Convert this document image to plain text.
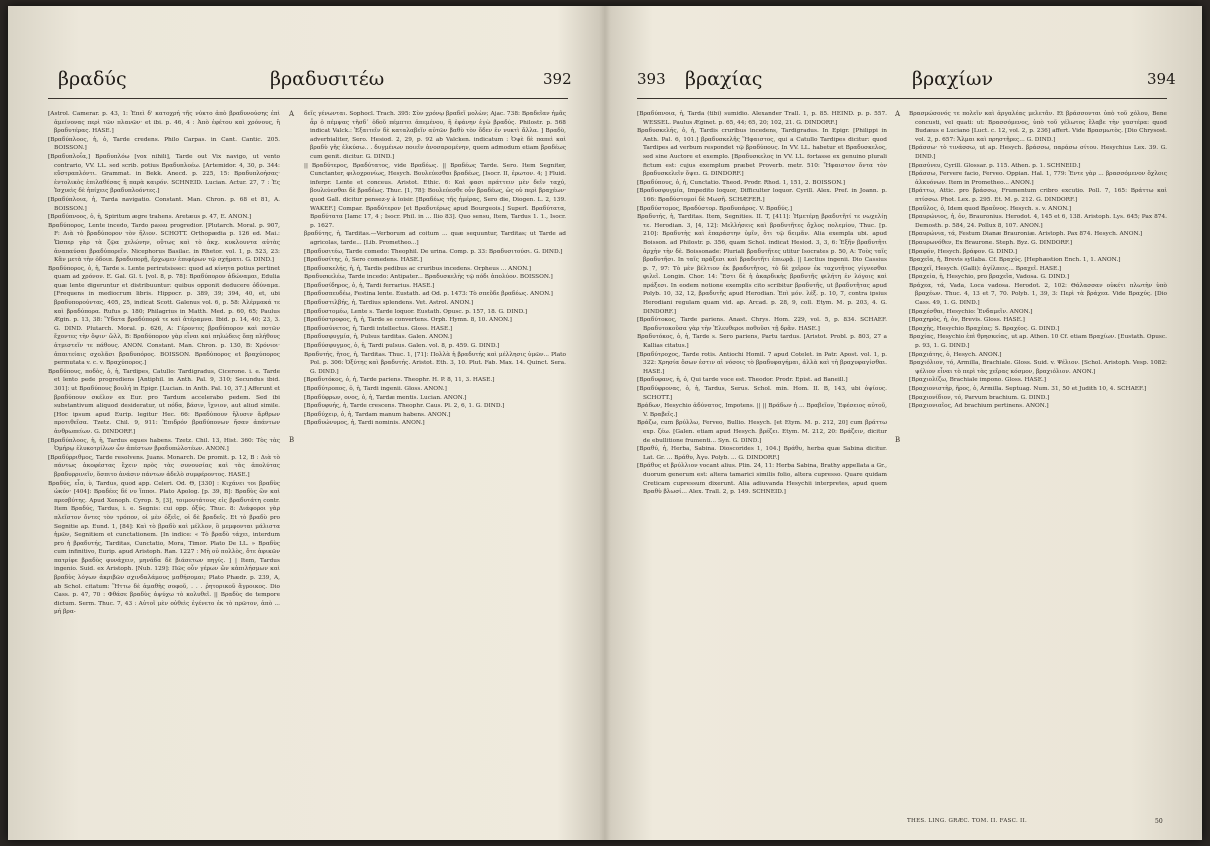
βραδύς	βραδυσιτέω	392

[Astrol. Camerar. p. 43, 1: Ἐπεὶ δ' κατοχρή τῆς νύκτο ἀπὸ βραδυνούσης ἐπὶ ἀμείνονας περὶ τῶν πλανῶν· et ibi. p. 46, 4 : Ἀπὸ ἐφέτου καὶ χρόνους, ἢ βραδυτέρας. HASE.]

[Βραδύπλοος, ἡ, ὁ, Tarde credens. Philo Carpas. in Cant. Cantic. 205. BOISSON.]

[Βραδυπλοΐα,] Βραδυπλόω [vox nihili], Tarde out Vix navigo, ut vento contrario, VV. LL. sed scrib. potius Βραδυπλοέω. [Artemidor. 4, 30, p. 344: εὔστραπλόντι. Grammat. in Bekk. Anecd. p. 225, 15: Βραδυπλοήσας· ἐντολικὸς ἐπιλαθέσας ἢ παρὰ καιρόν. SCHNEID. Lucian. Actur. 27, 7 : Ἐς Ἰσχυεὶς δὲ ἠπίχεις βραδυπλοόντες.]

[Βραδύπλοια, ἡ, Tarda navigatio. Constant. Man. Chron. p. 68 et 81, A. BOISSON.]

[Βραδύπνοος, ὁ, ἡ, Spiritum ægre trahens. Aretæus p. 47, E. ANON.]

Βραδύπορος, Lente incedo, Tardo passu progredior. [Plutarch. Moral. p. 907, F: Διὰ τὸ βραδύπορον τὸν ἥλιον. SCHOTT. Orthopædia p. 126 ed. Mai.: Ὥσπερ γὰρ τὰ ζῷα χελώνην, οὕτως καὶ τὸ ἀκχ. κυκλουντα αὐτὰς ἀναπαύσαι βραδύπορεῖν. Nicephorus Basilac. in Rhetor. vol. 1, p. 523, 23: Κἂν μετὰ τὴν ὁδοιπ. βραδυπορῇ, ἔρχωμεν ἐπιφέρων τῷ σχήματι. G. DIND.]

Βραδύπορος, ὁ, ἡ, Tarde s. Lente perirutsissec: quod ad κίνητα potius pertinet quam ad χρόνον. E. Gal. Gl. t. [vol. 8, p. 78]: Βραδύπορον ἀδώναμαι, Edulia quæ lente digeruntur et distribuuntur: quibus opponit deducere ὀδύναμα. [Frequens in mediocrum libris. Hippocr. p. 389, 39; 394, 40, et, ubi βραδυπορούντας, 405, 25, indicat Scott. Galenus vol. 6, p. 58: Ἀλέρμακά τε καὶ βραδύπορα. Rufus p. 180; Philagrius in Matth. Med. p. 60, 65; Paulus Ægin. p. 13, 38: Ὕδατα βραδύπορά τε καὶ ἀτέραμνα. Ibid. p. 14, 40; 23, 3. G. DIND. Plutarch. Moral. p. 626, A: Γέροντες βραδύπορον καὶ ποτῶν ἔχοντες τὴν ὄψιν· ὥλλ, B: Βραδύπορον γὰρ εἶναι καὶ πηλώδεις ὄπῃ πλήθους ἀτμιστεῖν τε πάθους. ANON. Constant. Man. Chron. p. 130, B: Χρόνιοι· ἀπαιτείαις σχολᾶσι βραδυπόρος. BOISSON. Βραδύπορος et βραχύπορος permutata v. c. v. Βραχύπορος.]

Βραδύπους, ποδὸς, ὁ, ἡ, Tardipes, Catullo: Tardigradus, Cicerone. i. e. Tarde et lento pede progrediens [Antiphil. in Anth. Pal. 9, 310; Secundus ibid. 301]: ut Βραδύπους βουλή in Epigr. [Lucian. in Anth. Pal. 10, 37.] Afferunt et βραδύπουν σκέλον ex Eur. pro Tardum accelerabo pedem. Sed ibi substantivum aliquod desideratur, ut πόδα, βάσιν, ἴχνιον, aut aliud simile. [Hoc ipsum apud Eurip. legitur Hec. 66: Βραδύπουν ἤλυσιν ἄρθρων προτιθεῖσα. Tzetz. Chil. 9, 911: Ἐπιδρόν βραδύπονων ἤσαν ἀπάντων ἀνθρωπείων. G. DINDORF.]

[Βραδύπλοος, ἡ, ἡ, Tardus eques habens. Tzetz. Chil. 13, Hist. 360: Τὸς τὰς Ὁμήρῳ ἐλυκοτρίλων ὧν ἀπέστων βραδυπώλοτέων. ANON.]

[Βραδύρριθμος, Tarde resolvens. Juans. Monarch. De promit. p. 12, B : Διὰ τὸ πάντως ἀκοφέστας ἔχειν πρὸς τὰς συνουσίας καὶ τὰς ἀπολύτας βραδυρρινεῖν, ὅσπιτο ἀνάσιν πάντων ἀδελὸ συμφέροντος. HASE.]

Βραδύς, εἶα, ὺ, Tardus, quod app. Celeri. Od. Θ, [330] : Κιχάνει τοι βραδὺς ὠκύν· [404]: Βραδέες δέ νυ ἴπποι. Plato Apolog. [p. 39, B]: Βραδὺς ὢν καὶ πρεσβύτης. Apud Xenoph. Cyrop. 5, [3], τοιμουτάτους εἰς βραδυτάτη contr. Item Βραδύς, Tardus, i. e. Segnis: cui opp. ὀξύς. Thuc. 8: Διάφοροι γὰρ πλεῖστον ὄντες τὸν τρόπον, οἱ μὲν ὀξεῖς, οἱ δὲ βραδεῖς. Et τὸ βραδὺ pro Segnitie ap. Eund. 1, [84]: Καὶ τὸ βραδὺ καὶ μέλλον, ὃ μεμφονται μάλιστα ἡμῶν, Segnitiem et cunctationem. [In indice: « Τὸ βραδὺ τάχει, interdum pro ἡ βραδυτής, Tarditas, Cunctatio, Mora, Timor. Plato De LL. » Βραδὺς cum infinitivo, Eurip. apud Aristoph. Ran. 1227 : Μὴ οὐ πολλὸς, ὅτε ἀφικῶν πατρίφε βραδὺς φυνάχειν, μηνάδα δὲ βιάσετων πηγίς. ] | Item, Tardus ingenio. Suid. ex Aristoph. [Nub. 129]: Πῶς οὖν γέρων ὢν κἀπιλήσμων καὶ βραδὺς λόγων ἀκριβῶν σχινδαλάμους μαθήσομαι; Plato Phædr. p. 239, A, ab Schol. citatum: Ἥττω δὲ ἀμαθὴς σοφοῦ, . . . ῥητορικοῦ ἄγροικος. Dio Cass. p. 47, 70 : Φθάσε βραδὺς ἀψύχω τὸ κολυθεῖ. || Βραδὺς de tempore dictum. Serm. Thuc. 7, 43 : Αὐτοῖ μὲν οὐθεὶς ἐγένετο ἐκ τὸ πρῶτον, ἀπὸ ... μή βρα-

A
B

δεῖς γένωνται. Sophocl. Trach. 395: Σὺν χρόνῳ βραδεῖ μολὼν; Ajac. 738: Βραδεῖαν ἡμᾶς ἆρ ὁ πέμψας τῆσδ᾽ ὁδοῦ πέμπτει ἀπεμένου, ἢ ἐφάνην ἐγὼ βραδύς. Philostr. p. 568 indicat Valck.: Ἐξαιτεῖν δὲ καταλαβεῖν αὐτῶν βαθὺ τὸν ὄδεν ἐν νυκτὶ ἄλλα. ] Βραδὺ, adverbialiter, Sero. Hesiod. 2, 29, p. 92 ab Valcken. indicatum : Ὀψὲ δὲ παπεὶ καὶ βραδὺ γῆς ἑλκύσω.. . δυγμένων ποιεῖν ἀνοσαρομένην, quem admodum etiam βραδέως cum genit. dicitur. G. DIND.]

|| Βραδύτερος, Βραδύτατος, vide Βραδέως. || Βραδέως Tarde. Sero. Item Segniter, Cunctanter, φιλοχρονίως, Hesych. Βουλεύεσθαι βραδέως, [Isocr. II, ἐρωτον. 4; ] Fluid. inferpr. Lente et conceus. Aristot. Ethic. 6: Καὶ φασι πράττειν μὲν δεῖν ταχύ, βουλεύεσθαι δὲ βραδέως. Thuc. [1, 78]: Βουλεύεσθε οὖν βραδέως, ὡς οὐ περὶ βραχέων· quod Gall. dicitur pensez-y à loisir. [Βραδέως τῆς ἡμέρας, Sero die, Diogen. L. 2, 139. WAKEF.] Compar. Βραδύτερον [et Βραδυτέρως apud Bourgeois.] Superl. Βραδύτατα, Βραδύτατα [Iamc 17, 4 ; Isocr. Phil. in ... Ilio 83]. Quo sensu, Item, Tardus 1. 1., Isocr. p. 1627.

βραδύτης, ἡ, Tarditas.—Verborum ad coitum ... quæ sequuntur, Tarditas; ut Tarde ad agricolas, tarde... [Lib. Prometheo...]

[Βραδυσιτέω, Tarde comedo: Theophil. De urina. Comp. p. 33: Βραδυσιτούσι. G. DIND.]

[Βραδυσίτης, ὁ, Sero comedens. HASE.]

[Βραδυσκελής, ἡ, ἡ, Tardis pedibus ac cruribus incedens. Orpheus ... ANON.]

Βραδυσκελέω, Tarde incedo: Antipater... Βραδυσκελὴς τῷ πόδι ἀπολύον. BOISSON.]

[Βραδυσίδηρος, ὁ, ἡ, Tardi ferrarius. HASE.]

[Βραδυσπευδέω, Festina lente. Eustath. ad Od. p. 1473: Τὸ σπεῦδε βραδέως. ANON.]

[Βραδυστιλβής, ἡ, Tardius splendens. Vet. Astrol. ANON.]

[Βραδυστομέω, Lente s. Tarde loquor. Eustath. Opusc. p. 157, 18. G. DIND.]

[Βραδύστροφος, ἡ, ἡ, Tarde se convertens. Orph. Hymn. 8, 10. ANON.]

[Βραδυσύνετος, ἡ, Tardi intellectus. Gloss. HASE.]

[Βραδυσφυγμία, ἡ, Pulsus tarditas. Galen. ANON.]

[Βραδύσφυγμος, ὁ, ἡ, Tardi pulsus. Galen. vol. 8, p. 459. G. DIND.]

Βραδυτής, ῆτος, ἡ, Tarditas. Thuc. 1, [71]: Πολλὰ ἡ βραδυτής καὶ μέλλησις ὑμῶν... Plato Pol. p. 306: Ὀξύτης καὶ βραδυτής. Aristot. Eth. 3, 10. Plut. Fab. Max. 14. Quinct. Sera. G. DIND.]

[Βραδυτόκος, ὁ, ἡ, Tarde pariens. Theophr. H. P. 8, 11, 3. HASE.]

[Βραδύτροπος, ὁ, ἡ, Tardi ingenii. Gloss. ANON.]

[Βραδύφρων, ονος, ὁ, ἡ, Tardæ mentis. Lucian. ANON.]

[Βραδυφυής, ἡ, Tarde crescens. Theophr. Caus. Pl. 2, 6, 1. G. DIND.]

[Βραδύχειρ, ὁ, ἡ, Tardam manum habens. ANON.]

[Βραδυώνυμος, ἡ, Tardi nominis. ANON.]

393 βραχίας	βραχίων	394

[Βραδύπνοια, ἡ, Tarda (tibi) sumidio. Alexander Trall. 1, p. 85. HEIND. p. p. 557. WESSEL. Paulus Æginet. p. 65, 44; 65, 20; 102, 21. G. DINDORF.]

Βραδυσκελής, ὁ, ἡ, Tardis cruribus incedens, Tardigradus. In Epigr. [Philippi in Anth. Pal. 6, 101.] βραδυσκελῆς Ἥφαιστος, qui a Catullo Tardipes dicitur: quod Tardipes ad verbum respondet τῷ βραδύπους. In VV. LL. habetur et Βραδυσκελος, sed sine Auctore et exemplo. [Βραδυσκελος in VV. LL. fortasse ex genuino plurali fictum est: cujus exemplum præbet Proverb. metr. 510: Ἥφαιστον ὄντα τὸν βραδυσκελεῖν ὄψει. G. DINDORF.]

[Βραδύπους, ὁ, ἡ, Cunctatio. Theod. Prodr. Rhod. 1, 151, 2. BOISSON.]

[Βραδυσφυγμία, Impedito loquor, Difficulter loquor. Cyrill. Alex. Pref. in Joann. p. 166: Βραδύστομοί δὲ Μωσῆ. SCHÆFER.]

[Βραδύστομος, Βραδύστορ. Βραδυπάρος. V. Βραδύς.]

Βραδυτής, ἡ, Tarditas. Item, Segnities. II. T, [411]: Ἡμετέρῃ βραδυτῆτί τε νωχελίῃ τε. Herodian. 3, [4, 12]: Μελλήσεις καὶ βραδυτῆτες ὄχλος πολεμίου, Thuc. [p. 210]: Βραδυτὴς καὶ ἐπαράστην ὑμῖν, ὅτι τῷ δειμᾶν. Alia exempla ubi. apud Boisson. ad Philostr. p. 356, quam Schol. indicat Hesiod. 3, 3, 6: Ἐξῆν βραδυτῆτι ἀρχὴν τὴν δὲ. Boissonade: Pluriali βραδυτῆτες utitur Isocrates p. 50, A: Τοὺς ταῖς βραδυτῆσι. In ταῖς πράξεσι καὶ βραδυτῆτι ἐπιωρᾷ. || Lectius ingenii. Dio Cassius p. 7, 97: Τὸ μὲν βέλτιον ἐκ βραδυτῆτος, τὸ δὲ χεῖρον ἐκ ταχυτῆτος γίγνεσθαι φιλεῖ. Longin. Chor. 14: Ἔστι δὲ ἡ ἀκαρδικὴς βραδυτῆς φιλήτη ἐν λόγοις καὶ πράξεσι. In eodem notione exemplis cito scribitur βραδυτῆς, ut βραδυτῆτας apud Polyb. 10, 32, 12, βραδυτῆς apud Herodian. Ἐπὶ μόν. λέξ. p. 10, 7, contra ipsius Herodiani regulam quam vid. ap. Arcad. p. 28, 9, coll. Etym. M. p. 203, 4. G. DINDORF.]

[Βραδύτοκος, Tarde pariens. Anast. Chrys. Hom. 229, vol. 5, p. 834. SCHAEF. Βραδυτοκοῦσα γὰρ τὴν Ἐλευθεροι ποθοῦσι τῇ δρᾶν. HASE.]

Βραδυτόκος, ὁ, ἡ, Tarde s. Sero pariens, Partu tardus. [Aristot. Probl. p. 803, 27 a Kallias citatus.]

[Βραδύτροχος, Tarde rotis. Antiochi Homil. 7 apud Cotelet. in Patr. Apost. vol. 1, p. 322: Χρησία ὅσων ἐστιν αἱ νόσοις τὸ βραδυφαγήμαι, ἀλλὰ καὶ τὴ βραχυφαγίσθαι. HASE.]

[Βραδυφανς, ἡ, ὁ, Qui tarde voce est. Theodor. Prodr. Epist. ad Baneill.]

[Βραδύφρονας, ὁ, ἡ, Tardus, Serus. Schol. min. Hom. II. B, 143, ubi ὀψίους. SCHOTT.]

Βράδων, Hesychio ἀδύνατος, Impotens. || || Βράδων ἡ ... Βραβεῖον, Ἐφέσειος αὐτοῦ, V. Βραβεῖς.]

Βράζω, cum βρύλλω, Ferveo, Bullio. Hesych. [et Etym. M. p. 212, 20] cum βράττω exp. ζέω. [Galen. etiam apud Hesych. βρέζει. Etym. M. 212, 20: Βράζειν, dicitur de ebullitione frumenti... Syn. G. DIND.]

[Βραθύ, ἡ, Herba, Sabina. Dioscorides 1, 104.] Βράθυ, herba quæ Sabina dicitur. Lat. Gr. ... Βράθυ, Ἀγυ. Polyb. ... G. DINDORF.]

[Βράθυς et βρύλλιον vocant alius. Plin. 24, 11: Herba Sabina, Brathy appellata a Gr., duorum generum est: altera tamarici similis folio, altera cupresso. Quare quidam Creticam cupressum dixerunt. Alia adiuvanda Hesychii interpretes, apud quem Βραθὺ βλωσί... Alex. Trall. 2, p. 149. SCHNEID.]

A
B

Βρασμώσονός τε πολεῖν καὶ ἀργαλέας μελετᾶν. Et βράσσονται ὑπὸ τοῦ χόλου, Bene concusti, vel quati: ut: Βρασσόμενος, ὑπὸ τοῦ γέλωτος ἔλαβε τὴν γαστέρα: quod Budæus e Luciano [Luct. c. 12, vol. 2, p. 236] affert. Vide Βρασμωτὸς. [Dio Chrysost. vol. 2, p. 657: Ἄλμαι καὶ πρηστῆρες... G. DIND.]

[Βράσσω· τὸ τινάσσω, ut ap. Hesych. βράσσω, παράσω σίτου. Hesychius Lex. 39. G. DIND.]

[Βρασύνευ, Cyrill. Glossar. p. 115. Athen. p. 1. SCHNEID.]

[Βράσσω, Fervere facio, Ferveo. Oppian. Hal. 1, 779: Ἐντε γὰρ ... βρασσόμενον ὄχλοις ἀλκυόνων. Item in Prometheo... ANON.]

[Βράττω, Attic. pro βράσσω, Frumentum cribro excutio. Poll. 7, 165: Βράττω καὶ πτίσσω. Phot. Lex. p. 295. Et. M. p. 212. G. DINDORF.]

[Βραῦλος, ὁ, Idem quod Βραῦνος. Hesych. s. v. ANON.]

[Βραυρώνιος, ἡ, ὁν, Brauronius. Herodot. 4, 145 et 6, 138. Aristoph. Lys. 645; Pax 874. Demosth. p. 584, 24. Pollux 8, 107. ANON.]

[Βραυρώνια, τά, Festum Dianæ Brauroniæ. Aristoph. Pax 874. Hesych. ANON.]

[Βραυρωνόθεν, Ex Braurone. Steph. Byz. G. DINDORF.]

[Βραφόν, Hesych. βράφον. G. DIND.]

Βραχεῖα, ἡ, Brevis syllaba. Cf. Βραχύς. [Hephæstion Ench. 1, 1. ANON.]

[Βραχεῖ, Hesych. (Galli): ἀγίλπεις... Βραχεῖ. HASE.]

[Βραχεία, ἡ, Hesychio, pro βραχεῖα, Vadosa. G. DIND.]

Βράχεα, τά, Vada, Loca vadosa. Herodot. 2, 102: Θάλασσαν οὐκέτι πλωτὴν ὑπὸ βραχέων. Thuc. 4, 13 et 7, 70. Polyb. 1, 39, 3: Περὶ τὰ βράχεα. Vide Βραχύς. [Dio Cass. 49, 1. G. DIND.]

[Βραχέσθαι, Hesychio: Ἐνδαμεῖν. ANON.]

[Βραχηρὸς, ἡ, ὁν, Brevis. Gloss. HASE.]

[Βραχὴς, Hesychio Βραχέας; S. Βραχέος. G. DIND.]

Βραχίας, Hesychio ἐπὶ θρησκείας, ut ap. Athen. 10 Cf. etiam Βραχίων. [Eustath. Opusc. p. 93, 1. G. DIND.]

[Βραχιάτης, ὁ, Hesych. ANON.]

Βραχιόλιον, τό, Armilla, Brachiale. Gloss. Suid. v. Ψέλιον. [Schol. Aristoph. Vesp. 1082: ψέλιον εἶναι τὸ περὶ τὰς χεῖρας κόσμον, βραχιόλιον. ANON.]

[Βραχιολίζω, Brachiale impono. Gloss. HASE.]

[Βραχιονιστὴρ, ῆρος, ὁ, Armilla. Septuag. Num. 31, 50 et Judith 10, 4. SCHAEF.]

[Βραχιονίδιον, τό, Parvum brachium. G. DIND.]

[Βραχιονιαῖος, Ad brachium pertinens. ANON.]

THES. LING. GRÆC. TOM. II. FASC. II.	50
